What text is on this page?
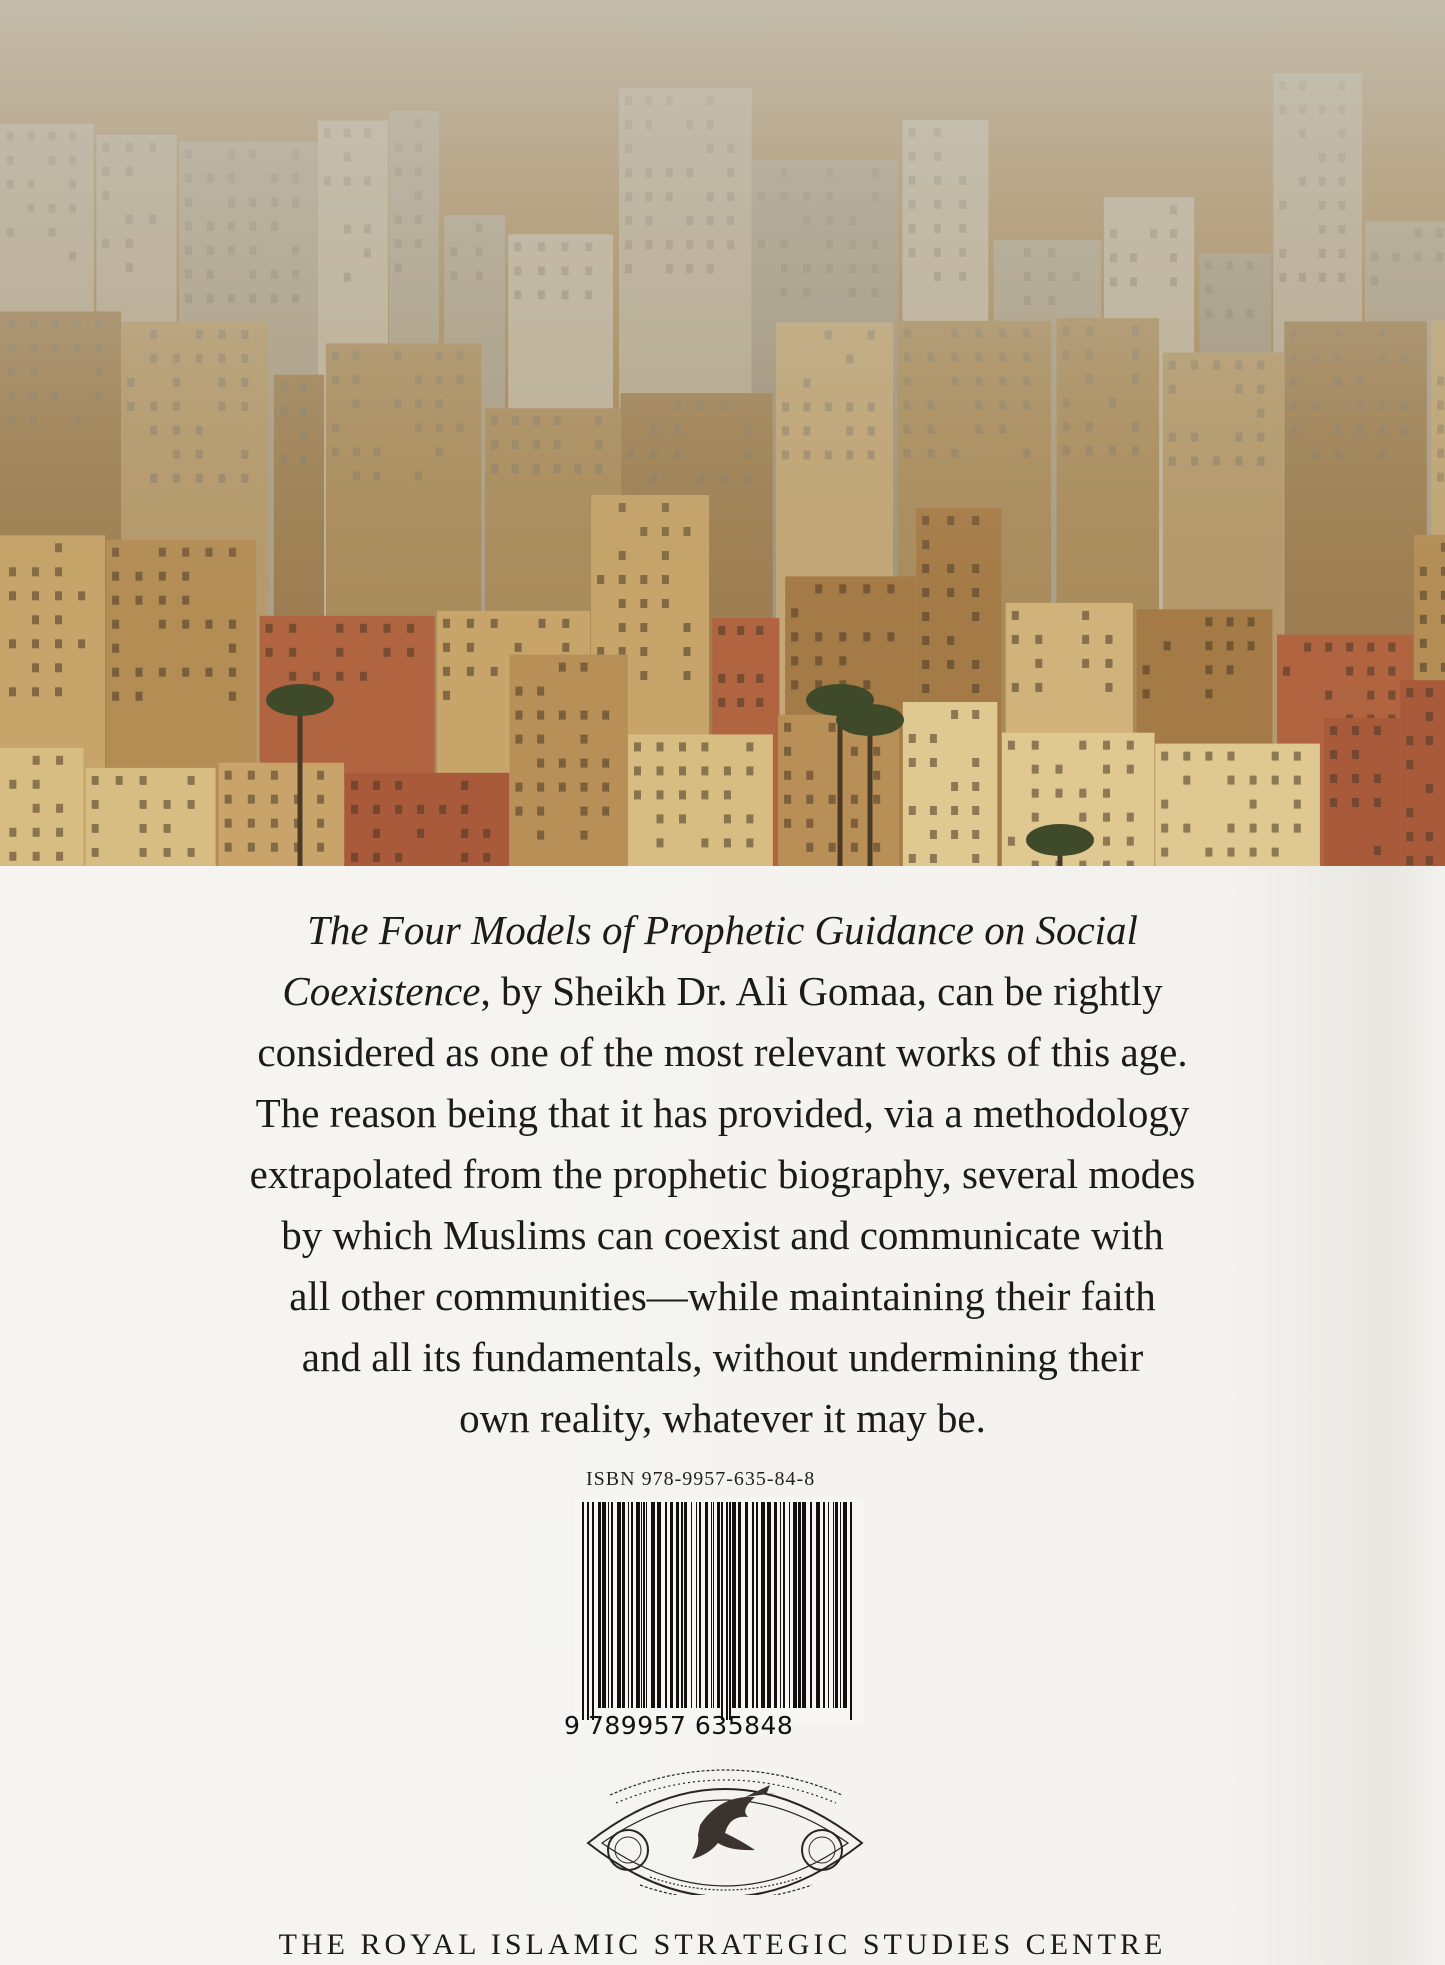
The Four Models of Prophetic Guidance on Social
Coexistence, by Sheikh Dr. Ali Gomaa, can be rightly
considered as one of the most relevant works of this age.
The reason being that it has provided, via a methodology
extrapolated from the prophetic biography, several modes
by which Muslims can coexist and communicate with
all other communities—while maintaining their faith
and all its fundamentals, without undermining their
own reality, whatever it may be.
ISBN 978-9957-635-84-8
9 789957 635848
THE ROYAL ISLAMIC STRATEGIC STUDIES CENTRE
